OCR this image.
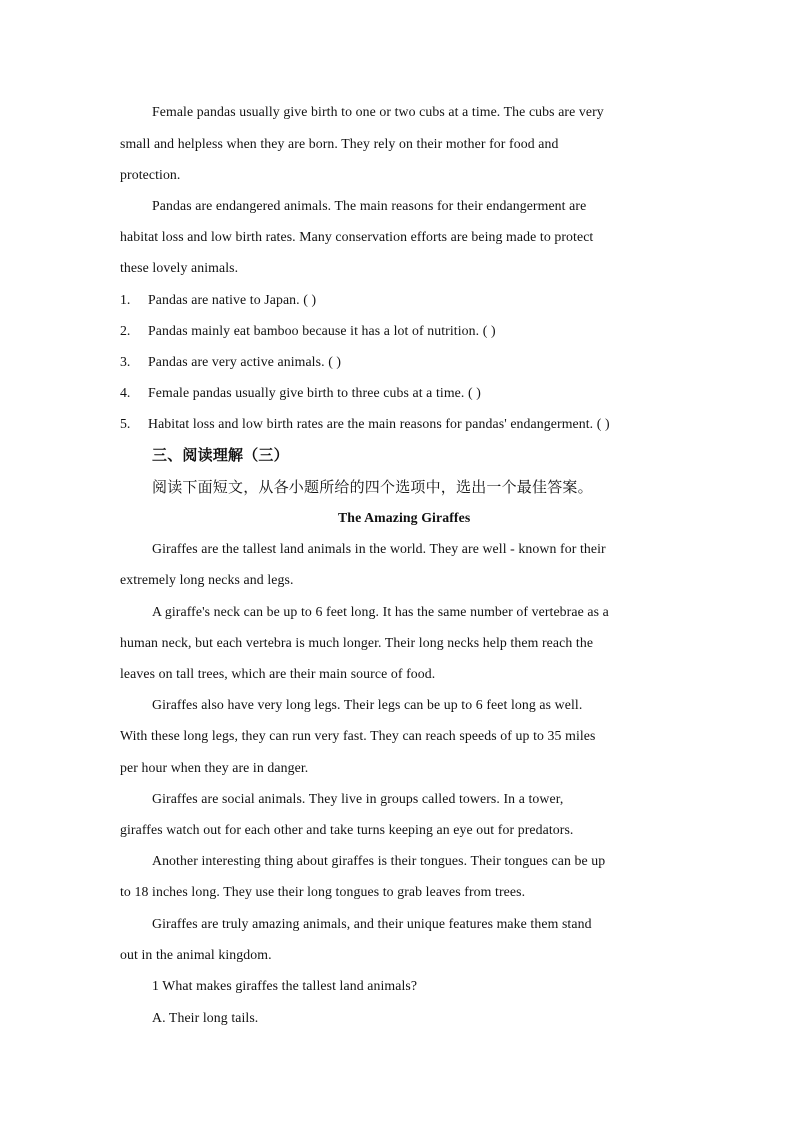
Female pandas usually give birth to one or two cubs at a time. The cubs are very
small and helpless when they are born. They rely on their mother for food and
protection.
Pandas are endangered animals. The main reasons for their endangerment are
habitat loss and low birth rates. Many conservation efforts are being made to protect
these lovely animals.
1. Pandas are native to Japan. ( )
2. Pandas mainly eat bamboo because it has a lot of nutrition. ( )
3. Pandas are very active animals. ( )
4. Female pandas usually give birth to three cubs at a time. ( )
5. Habitat loss and low birth rates are the main reasons for pandas' endangerment. ( )
三、阅读理解（三）
阅读下面短文，从各小题所给的四个选项中，选出一个最佳答案。
The Amazing Giraffes
Giraffes are the tallest land animals in the world. They are well - known for their
extremely long necks and legs.
A giraffe's neck can be up to 6 feet long. It has the same number of vertebrae as a
human neck, but each vertebra is much longer. Their long necks help them reach the
leaves on tall trees, which are their main source of food.
Giraffes also have very long legs. Their legs can be up to 6 feet long as well.
With these long legs, they can run very fast. They can reach speeds of up to 35 miles
per hour when they are in danger.
Giraffes are social animals. They live in groups called towers. In a tower,
giraffes watch out for each other and take turns keeping an eye out for predators.
Another interesting thing about giraffes is their tongues. Their tongues can be up
to 18 inches long. They use their long tongues to grab leaves from trees.
Giraffes are truly amazing animals, and their unique features make them stand
out in the animal kingdom.
1 What makes giraffes the tallest land animals?
A. Their long tails.
